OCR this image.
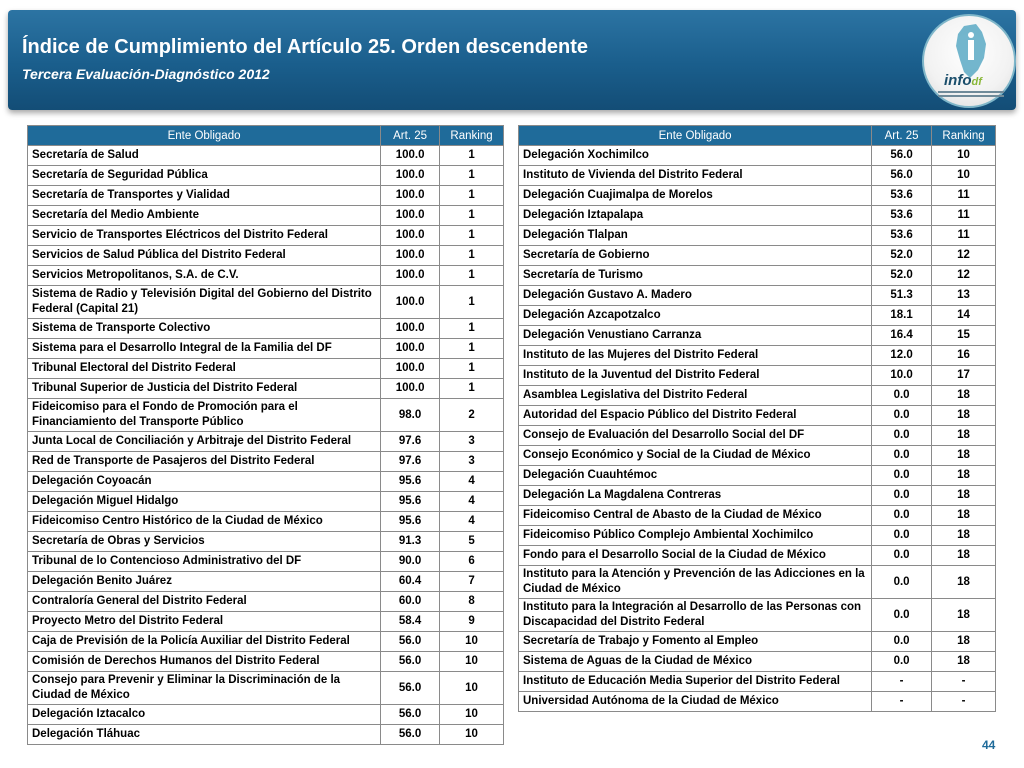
Índice de Cumplimiento del Artículo 25. Orden descendente
Tercera Evaluación-Diagnóstico 2012	infodf
Ente Obligado	Art. 25	Ranking
Secretaría de Salud	100.0	1
Secretaría de Seguridad Pública	100.0	1
Secretaría de Transportes y Vialidad	100.0	1
Secretaría del Medio Ambiente	100.0	1
Servicio de Transportes Eléctricos del Distrito Federal	100.0	1
Servicios de Salud Pública del Distrito Federal	100.0	1
Servicios Metropolitanos, S.A. de C.V.	100.0	1
Sistema de Radio y Televisión Digital del Gobierno del Distrito Federal (Capital 21)	100.0	1
Sistema de Transporte Colectivo	100.0	1
Sistema para el Desarrollo Integral de la Familia del DF	100.0	1
Tribunal Electoral del Distrito Federal	100.0	1
Tribunal Superior de Justicia del Distrito Federal	100.0	1
Fideicomiso para el Fondo de Promoción para el Financiamiento del Transporte Público	98.0	2
Junta Local de Conciliación y Arbitraje del Distrito Federal	97.6	3
Red de Transporte de Pasajeros del Distrito Federal	97.6	3
Delegación Coyoacán	95.6	4
Delegación Miguel Hidalgo	95.6	4
Fideicomiso Centro Histórico de la Ciudad de México	95.6	4
Secretaría de Obras y Servicios	91.3	5
Tribunal de lo Contencioso Administrativo del DF	90.0	6
Delegación Benito Juárez	60.4	7
Contraloría General del Distrito Federal	60.0	8
Proyecto Metro del Distrito Federal	58.4	9
Caja de Previsión de la Policía Auxiliar del Distrito Federal	56.0	10
Comisión de Derechos Humanos del Distrito Federal	56.0	10
Consejo para Prevenir y Eliminar la Discriminación de la Ciudad de México	56.0	10
Delegación Iztacalco	56.0	10
Delegación Tláhuac	56.0	10
Ente Obligado	Art. 25	Ranking
Delegación Xochimilco	56.0	10
Instituto de Vivienda del Distrito Federal	56.0	10
Delegación Cuajimalpa de Morelos	53.6	11
Delegación Iztapalapa	53.6	11
Delegación Tlalpan	53.6	11
Secretaría de Gobierno	52.0	12
Secretaría de Turismo	52.0	12
Delegación Gustavo A. Madero	51.3	13
Delegación Azcapotzalco	18.1	14
Delegación Venustiano Carranza	16.4	15
Instituto de las Mujeres del Distrito Federal	12.0	16
Instituto de la Juventud del Distrito Federal	10.0	17
Asamblea Legislativa del Distrito Federal	0.0	18
Autoridad del Espacio Público del Distrito Federal	0.0	18
Consejo de Evaluación del Desarrollo Social del DF	0.0	18
Consejo Económico y Social de la Ciudad de México	0.0	18
Delegación Cuauhtémoc	0.0	18
Delegación La Magdalena Contreras	0.0	18
Fideicomiso Central de Abasto de la Ciudad de México	0.0	18
Fideicomiso Público Complejo Ambiental Xochimilco	0.0	18
Fondo para el Desarrollo Social de la Ciudad de México	0.0	18
Instituto para la Atención y Prevención de las Adicciones en la Ciudad de México	0.0	18
Instituto para la Integración al Desarrollo de las Personas con Discapacidad del Distrito Federal	0.0	18
Secretaría de Trabajo y Fomento al Empleo	0.0	18
Sistema de Aguas de la Ciudad de México	0.0	18
Instituto de Educación Media Superior del Distrito Federal	-	-
Universidad Autónoma de la Ciudad de México	-	-
44
